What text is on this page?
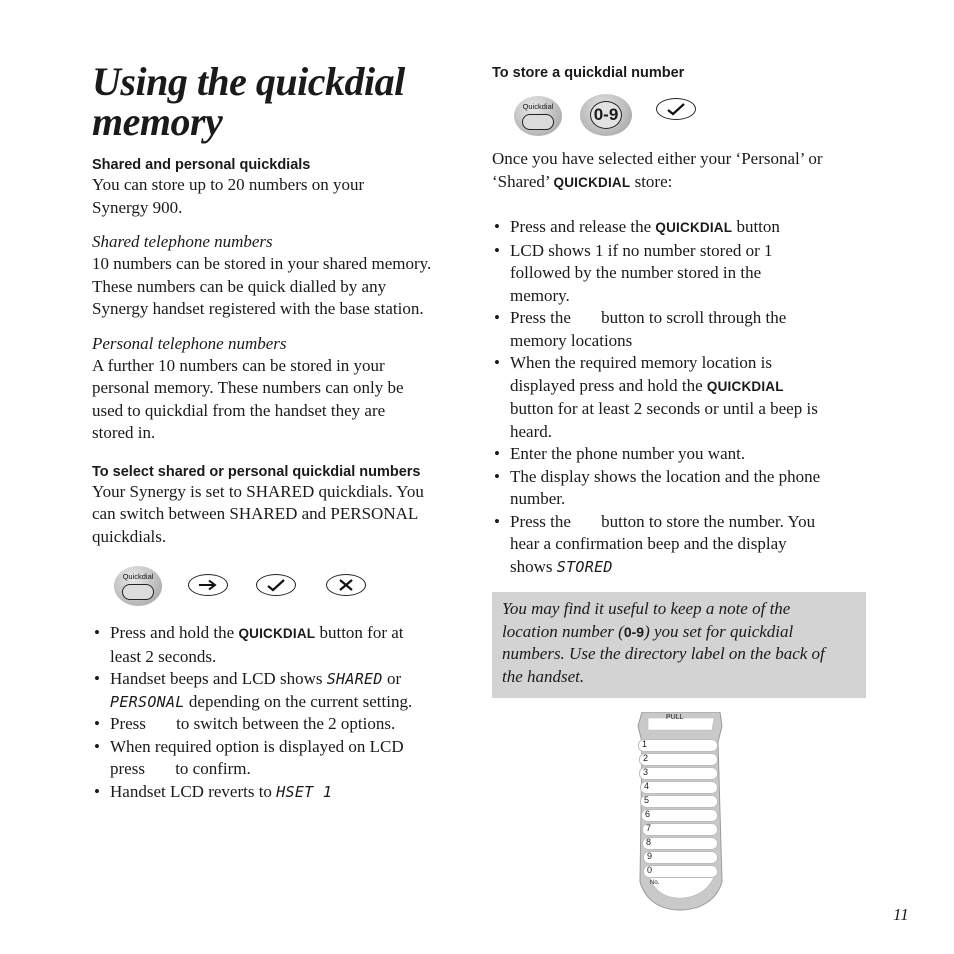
Using the quickdial
memory
Shared and personal quickdials

You can store up to 20 numbers on your
Synergy 900.

Shared telephone numbers

10 numbers can be stored in your shared memory.
These numbers can be quick dialled by any
Synergy handset registered with the base station.

Personal telephone numbers

A further 10 numbers can be stored in your
personal memory. These numbers can only be
used to quickdial from the handset they are
stored in.

To select shared or personal quickdial numbers

Your Synergy is set to SHARED quickdials. You
can switch between SHARED and PERSONAL
quickdials.

Quickdial
• Press and hold the QUICKDIAL button for at
least 2 seconds.
• Handset beeps and LCD shows SHARED or
PERSONAL depending on the current setting.
• Press to switch between the 2 options.
• When required option is displayed on LCD
press to confirm.
• Handset LCD reverts to HSET 1
To store a quickdial number
Quickdial	0-9

Once you have selected either your ‘Personal’ or
‘Shared’ QUICKDIAL store:

• Press and release the QUICKDIAL button
• LCD shows 1 if no number stored or 1
followed by the number stored in the
memory.
• Press the button to scroll through the
memory locations
• When the required memory location is
displayed press and hold the QUICKDIAL
button for at least 2 seconds or until a beep is
heard.
• Enter the phone number you want.
• The display shows the location and the phone
number.
• Press the button to store the number. You
hear a confirmation beep and the display
shows STORED
You may find it useful to keep a note of the
location number (0-9) you set for quickdial
numbers. Use the directory label on the back of
the handset.
PULL
1
2
3
4
5
6
7
8
9
0
No.
11
